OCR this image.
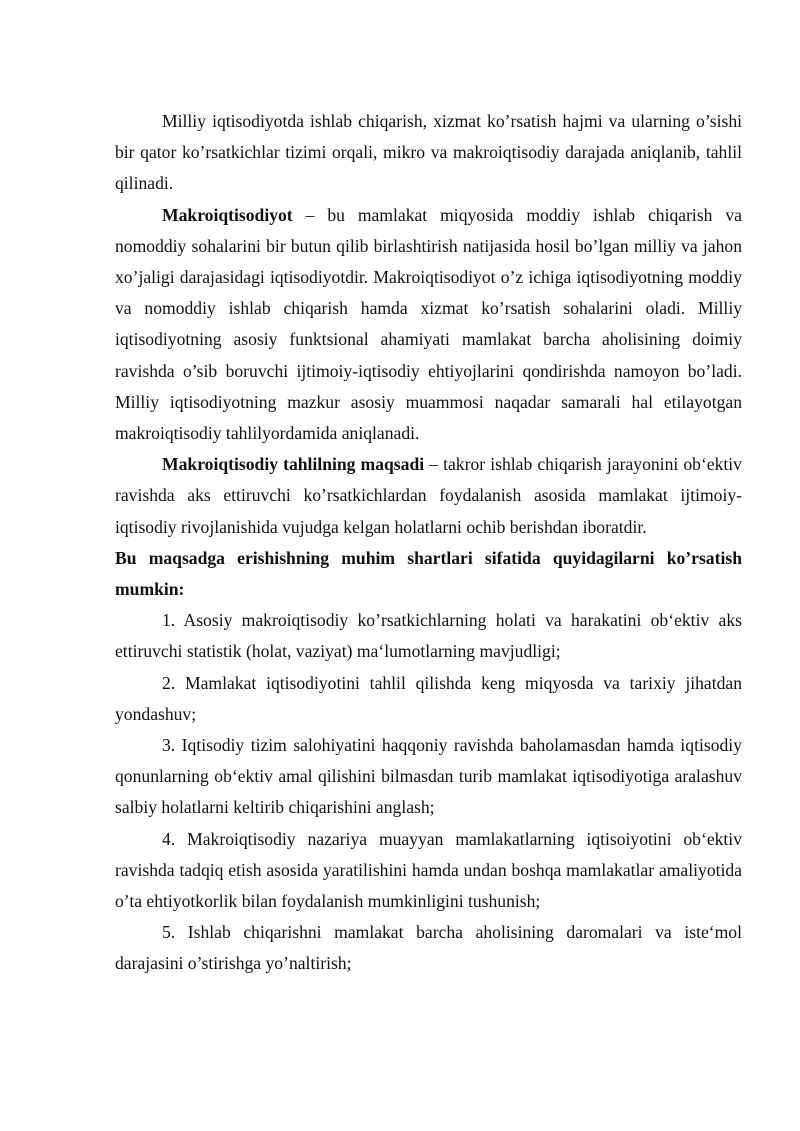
Milliy iqtisodiyotda ishlab chiqarish, xizmat ko’rsatish hajmi va ularning o’sishi bir qator ko’rsatkichlar tizimi orqali, mikro va makroiqtisodiy darajada aniqlanib, tahlil qilinadi.

Makroiqtisodiyot – bu mamlakat miqyosida moddiy ishlab chiqarish va nomoddiy sohalarini bir butun qilib birlashtirish natijasida hosil bo’lgan milliy va jahon xo’jaligi darajasidagi iqtisodiyotdir. Makroiqtisodiyot o’z ichiga iqtisodiyotning moddiy va nomoddiy ishlab chiqarish hamda xizmat ko’rsatish sohalarini oladi. Milliy iqtisodiyotning asosiy funktsional ahamiyati mamlakat barcha aholisining doimiy ravishda o’sib boruvchi ijtimoiy-iqtisodiy ehtiyojlarini qondirishda namoyon bo’ladi. Milliy iqtisodiyotning mazkur asosiy muammosi naqadar samarali hal etilayotgan makroiqtisodiy tahlilyordamida aniqlanadi.

Makroiqtisodiy tahlilning maqsadi – takror ishlab chiqarish jarayonini ob‘ektiv ravishda aks ettiruvchi ko’rsatkichlardan foydalanish asosida mamlakat ijtimoiy-iqtisodiy rivojlanishida vujudga kelgan holatlarni ochib berishdan iboratdir.

Bu maqsadga erishishning muhim shartlari sifatida quyidagilarni ko’rsatish mumkin:

1. Asosiy makroiqtisodiy ko’rsatkichlarning holati va harakatini ob‘ektiv aks ettiruvchi statistik (holat, vaziyat) ma‘lumotlarning mavjudligi;

2. Mamlakat iqtisodiyotini tahlil qilishda keng miqyosda va tarixiy jihatdan yondashuv;

3. Iqtisodiy tizim salohiyatini haqqoniy ravishda baholamasdan hamda iqtisodiy qonunlarning ob‘ektiv amal qilishini bilmasdan turib mamlakat iqtisodiyotiga aralashuv salbiy holatlarni keltirib chiqarishini anglash;

4. Makroiqtisodiy nazariya muayyan mamlakatlarning iqtisoiyotini ob‘ektiv ravishda tadqiq etish asosida yaratilishini hamda undan boshqa mamlakatlar amaliyotida o’ta ehtiyotkorlik bilan foydalanish mumkinligini tushunish;

5. Ishlab chiqarishni mamlakat barcha aholisining daromalari va iste‘mol darajasini o’stirishga yo’naltirish;
